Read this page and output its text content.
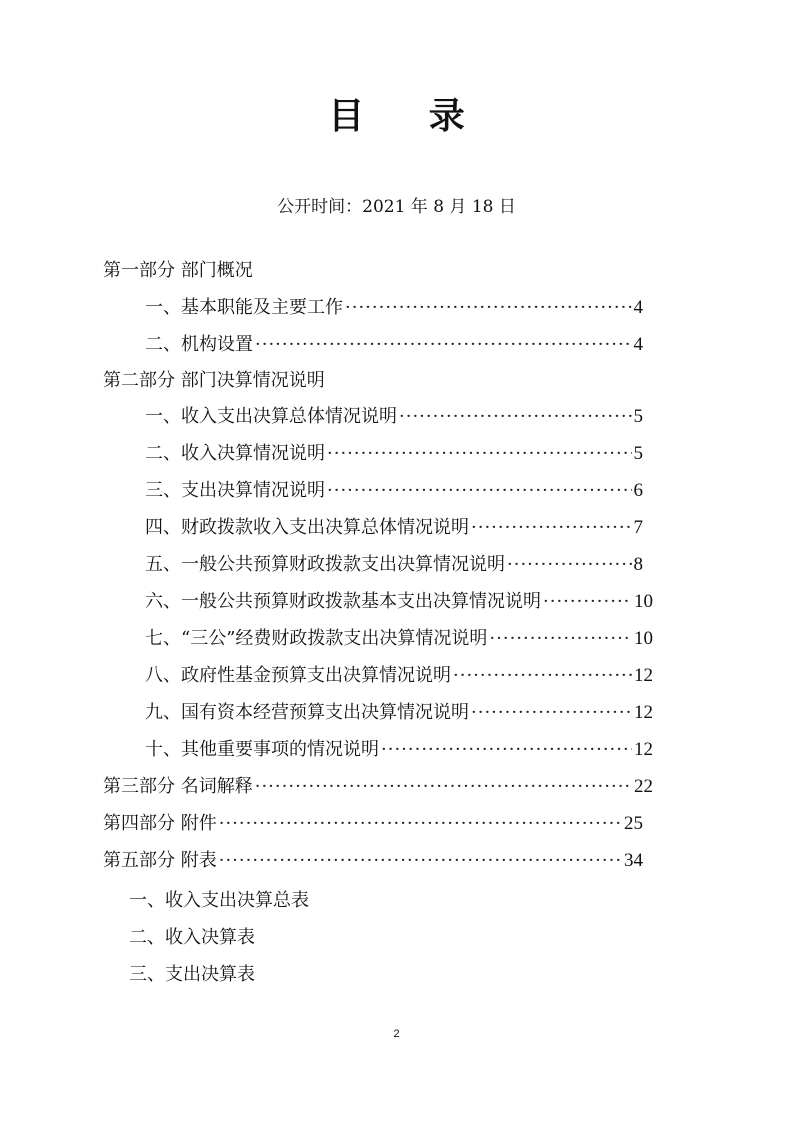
目 录
公开时间：2021 年 8 月 18 日
第一部分 部门概况
一、基本职能及主要工作 ·····	4
二、机构设置 ·····	4
第二部分 部门决算情况说明
一、收入支出决算总体情况说明 ·····	5
二、收入决算情况说明 ·····	5
三、支出决算情况说明 ·····	6
四、财政拨款收入支出决算总体情况说明 ·····	7
五、一般公共预算财政拨款支出决算情况说明 ·····	8
六、一般公共预算财政拨款基本支出决算情况说明 ·····	10
七、“三公”经费财政拨款支出决算情况说明 ·····	10
八、政府性基金预算支出决算情况说明 ·····	12
九、国有资本经营预算支出决算情况说明 ·····	12
十、其他重要事项的情况说明 ·····	12
第三部分 名词解释 ·····	22
第四部分 附件 ·····	25
第五部分 附表 ·····	34
一、收入支出决算总表
二、收入决算表
三、支出决算表
2
